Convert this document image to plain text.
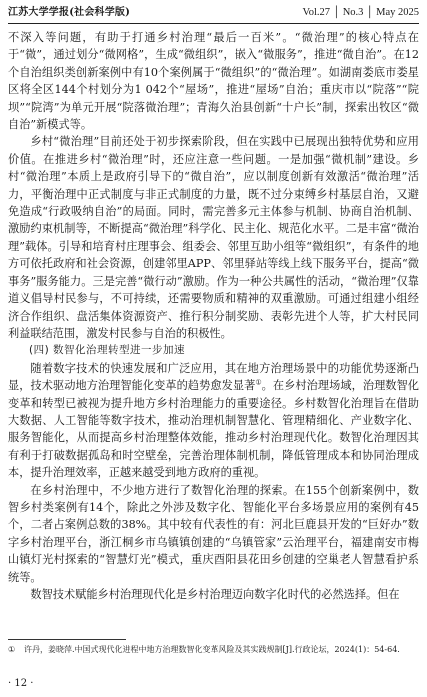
江苏大学学报(社会科学版)	Vol.27 │ No.3 │ May 2025

不深入等问题，有助于打通乡村治理“最后一百米”。“微治理”的核心特点在于“微”，通过划分“微网格”，生成“微组织”，嵌入“微服务”，推进“微自治”。在12个自治组织类创新案例中有10个案例属于“微组织”的“微治理”。如湖南娄底市娄星区将全区144个村划分为1 042个“屋场”，推进“屋场”自治；重庆市以“院落”“院坝”“院湾”为单元开展“院落微治理”；青海久治县创新“十户长”制，探索出牧区“微自治”新模式等。

乡村“微治理”目前还处于初步探索阶段，但在实践中已展现出独特优势和应用价值。在推进乡村“微治理”时，还应注意一些问题。一是加强“微机制”建设。乡村“微治理”本质上是政府引导下的“微自治”，应以制度创新有效激活“微治理”活力，平衡治理中正式制度与非正式制度的力量，既不过分束缚乡村基层自治，又避免造成“行政吸纳自治”的局面。同时，需完善多元主体参与机制、协商自治机制、激励约束机制等，不断提高“微治理”科学化、民主化、规范化水平。二是丰富“微治理”载体。引导和培育村庄理事会、组委会、邻里互助小组等“微组织”，有条件的地方可依托政府和社会资源，创建邻里APP、邻里驿站等线上线下服务平台，提高“微事务”服务能力。三是完善“微行动”激励。作为一种公共属性的活动，“微治理”仅靠道义倡导村民参与，不可持续，还需要物质和精神的双重激励。可通过组建小组经济合作组织、盘活集体资源资产、推行积分制奖励、表彰先进个人等，扩大村民同利益联结范围，激发村民参与自治的积极性。

(四) 数智化治理转型进一步加速

随着数字技术的快速发展和广泛应用，其在地方治理场景中的功能优势逐渐凸显，技术驱动地方治理智能化变革的趋势愈发显著①。在乡村治理场域，治理数智化变革和转型已被视为提升地方乡村治理能力的重要途径。乡村数智化治理旨在借助大数据、人工智能等数字技术，推动治理机制智慧化、管理精细化、产业数字化、服务智能化，从而提高乡村治理整体效能，推动乡村治理现代化。数智化治理因其有利于打破数据孤岛和时空壁垒，完善治理体制机制，降低管理成本和协同治理成本，提升治理效率，正越来越受到地方政府的重视。

在乡村治理中，不少地方进行了数智化治理的探索。在155个创新案例中，数智乡村类案例有14个，除此之外涉及数字化、智能化平台多场景应用的案例有45个，二者占案例总数的38%。其中较有代表性的有：河北巨鹿县开发的“巨好办”数字乡村治理平台，浙江桐乡市乌镇镇创建的“乌镇管家”云治理平台，福建南安市梅山镇灯光村探索的“智慧灯光”模式，重庆酉阳县花田乡创建的空巢老人智慧看护系统等。

数智技术赋能乡村治理现代化是乡村治理迈向数字化时代的必然选择。但在

① 许丹，姜晓萍.中国式现代化进程中地方治理数智化变革风险及其实践规制[J].行政论坛，2024(1)：54-64.
· 12 ·
